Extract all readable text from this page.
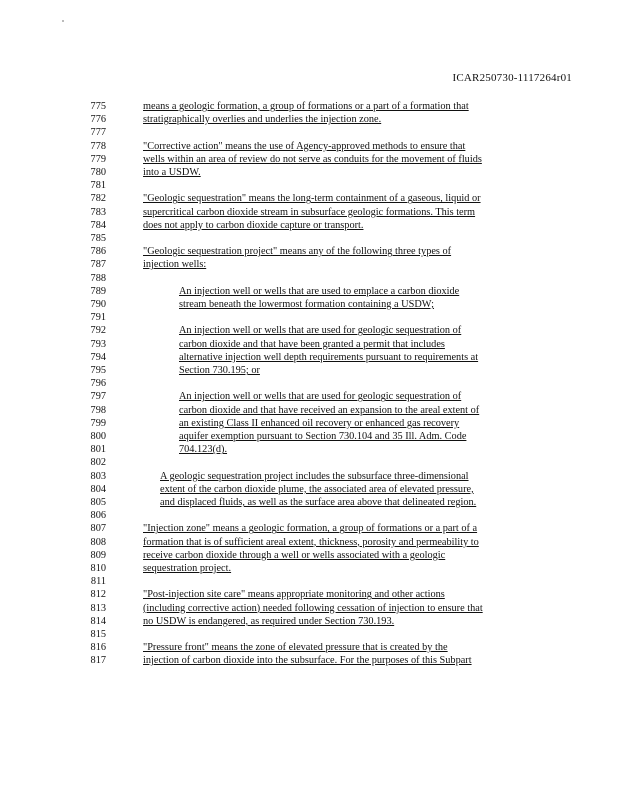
ICAR250730-1117264r01
775	means a geologic formation, a group of formations or a part of a formation that
776	stratigraphically overlies and underlies the injection zone.
777
778	"Corrective action" means the use of Agency-approved methods to ensure that
779	wells within an area of review do not serve as conduits for the movement of fluids
780	into a USDW.
781
782	"Geologic sequestration" means the long-term containment of a gaseous, liquid or
783	supercritical carbon dioxide stream in subsurface geologic formations. This term
784	does not apply to carbon dioxide capture or transport.
785
786	"Geologic sequestration project" means any of the following three types of
787	injection wells:
788
789	An injection well or wells that are used to emplace a carbon dioxide
790	stream beneath the lowermost formation containing a USDW;
791
792	An injection well or wells that are used for geologic sequestration of
793	carbon dioxide and that have been granted a permit that includes
794	alternative injection well depth requirements pursuant to requirements at
795	Section 730.195; or
796
797	An injection well or wells that are used for geologic sequestration of
798	carbon dioxide and that have received an expansion to the areal extent of
799	an existing Class II enhanced oil recovery or enhanced gas recovery
800	aquifer exemption pursuant to Section 730.104 and 35 Ill. Adm. Code
801	704.123(d).
802
803	A geologic sequestration project includes the subsurface three-dimensional
804	extent of the carbon dioxide plume, the associated area of elevated pressure,
805	and displaced fluids, as well as the surface area above that delineated region.
806
807	"Injection zone" means a geologic formation, a group of formations or a part of a
808	formation that is of sufficient areal extent, thickness, porosity and permeability to
809	receive carbon dioxide through a well or wells associated with a geologic
810	sequestration project.
811
812	"Post-injection site care" means appropriate monitoring and other actions
813	(including corrective action) needed following cessation of injection to ensure that
814	no USDW is endangered, as required under Section 730.193.
815
816	"Pressure front" means the zone of elevated pressure that is created by the
817	injection of carbon dioxide into the subsurface. For the purposes of this Subpart
